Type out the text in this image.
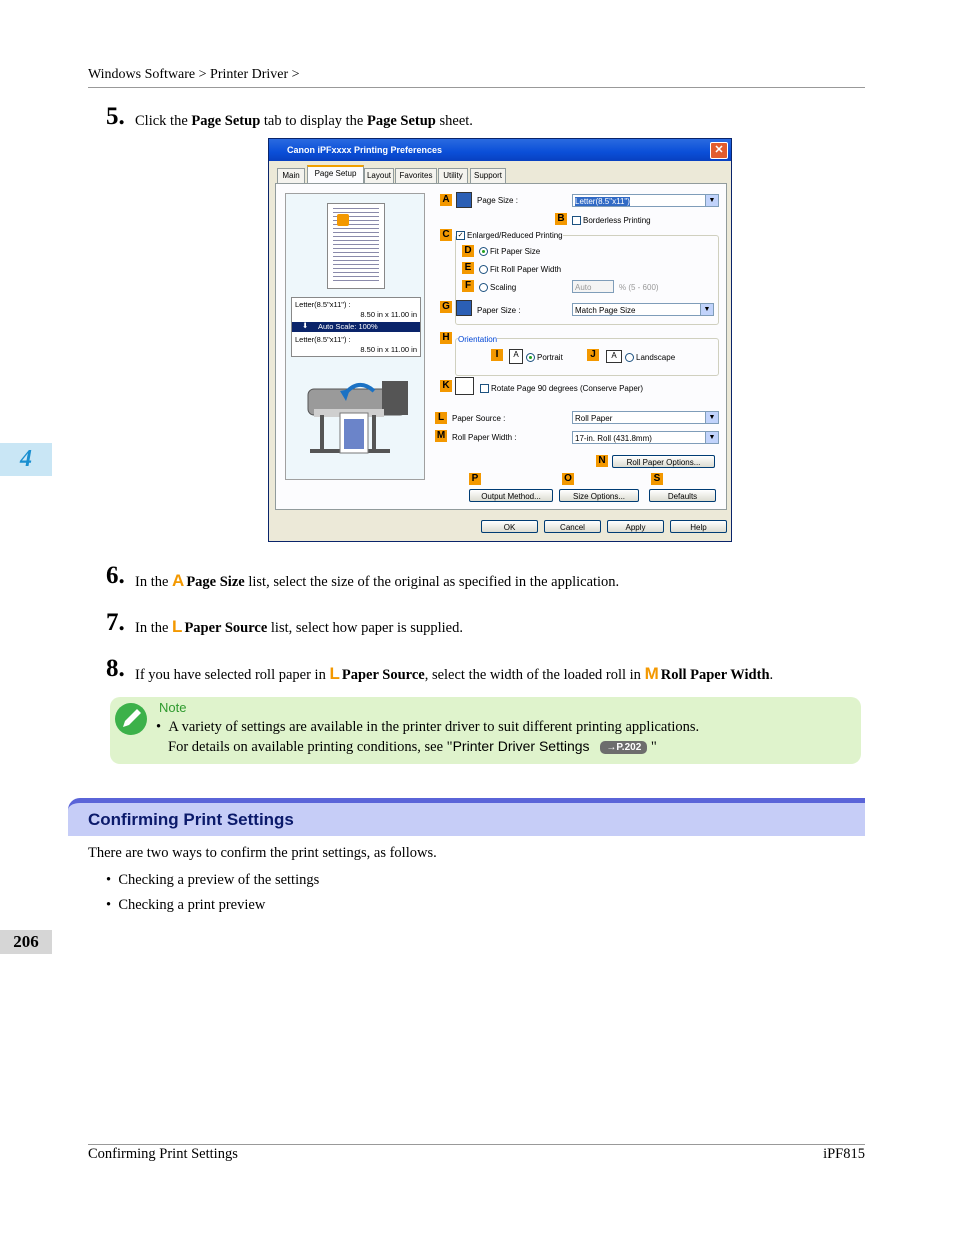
Windows Software > Printer Driver >
5. Click the Page Setup tab to display the Page Setup sheet.
Canon iPFxxxx Printing Preferences	✕
Main	Page Setup	Layout	Favorites	Utility	Support
Letter(8.5"x11") :
8.50 in x 11.00 in
Auto Scale: 100%
⬇
Letter(8.5"x11") :
8.50 in x 11.00 in
A	Page Size :	Letter(8.5"x11")	▼
B	Borderless Printing
C	✓ Enlarged/Reduced Printing
D	Fit Paper Size
E	Fit Roll Paper Width
F	Scaling	Auto	% (5 - 600)
G	Paper Size :	Match Page Size	▼
H Orientation
I	A	Portrait	J	A	Landscape
K	Rotate Page 90 degrees (Conserve Paper)
L Paper Source :	Roll Paper	▼
M Roll Paper Width :	17-in. Roll (431.8mm)	▼
N	Roll Paper Options...
P	O	S
Output Method...	Size Options...	Defaults
OK	Cancel	Apply	Help
6. In the A Page Size list, select the size of the original as specified in the application.
7. In the L Paper Source list, select how paper is supplied.
8. If you have selected roll paper in L Paper Source, select the width of the loaded roll in M Roll Paper Width.
Note
•  A variety of settings are available in the printer driver to suit different printing applications.
For details on available printing conditions, see "Printer Driver Settings →P.202 "
Confirming Print Settings
There are two ways to confirm the print settings, as follows.
•  Checking a preview of the settings
•  Checking a print preview
4
206
Confirming Print Settings	iPF815
